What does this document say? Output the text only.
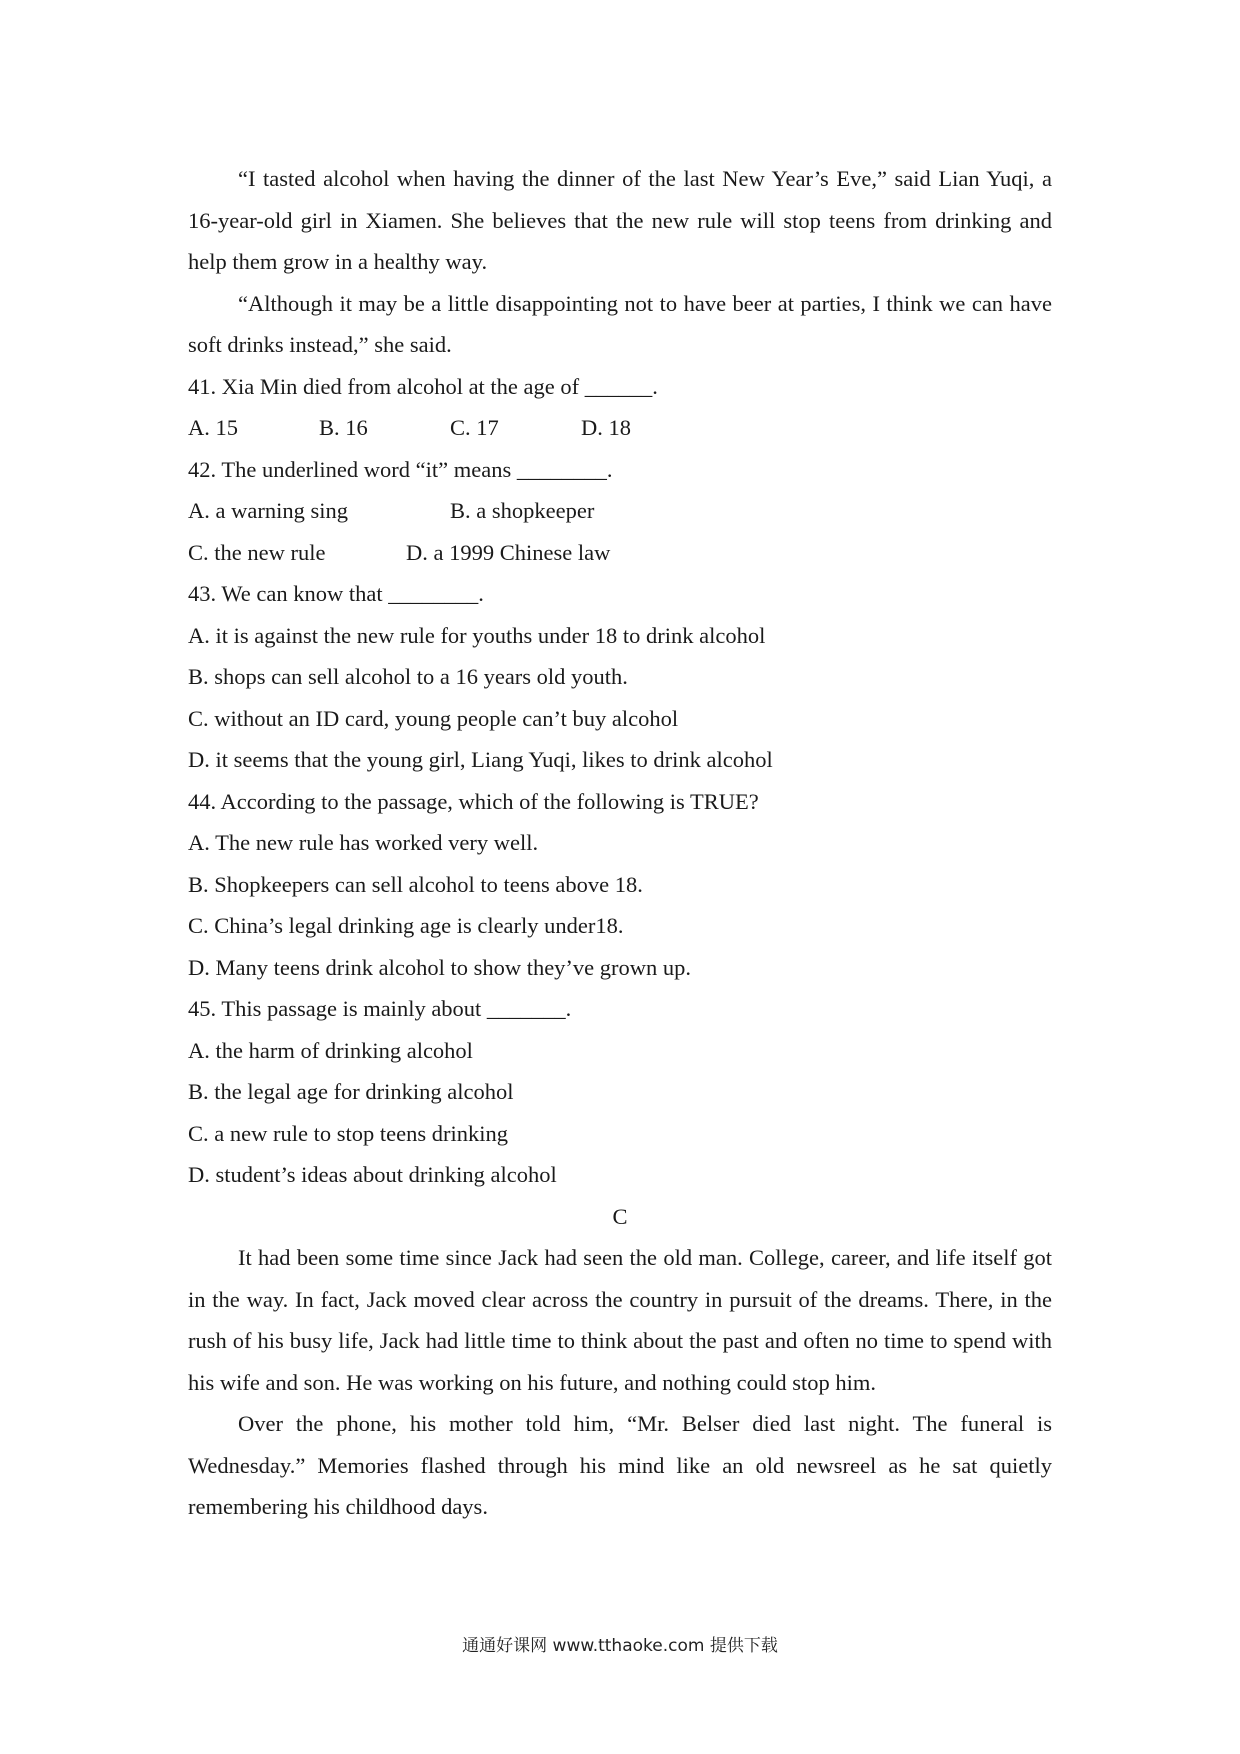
“I tasted alcohol when having the dinner of the last New Year’s Eve,” said Lian Yuqi, a 16-year-old girl in Xiamen. She believes that the new rule will stop teens from drinking and help them grow in a healthy way.

“Although it may be a little disappointing not to have beer at parties, I think we can have soft drinks instead,” she said.

41. Xia Min died from alcohol at the age of ______.

A. 15	B. 16	C. 17	D. 18

42. The underlined word “it” means ________.

A. a warning sing	B. a shopkeeper
C. the new rule	D. a 1999 Chinese law

43. We can know that ________.

A. it is against the new rule for youths under 18 to drink alcohol

B. shops can sell alcohol to a 16 years old youth.

C. without an ID card, young people can’t buy alcohol

D. it seems that the young girl, Liang Yuqi, likes to drink alcohol

44. According to the passage, which of the following is TRUE?

A. The new rule has worked very well.

B. Shopkeepers can sell alcohol to teens above 18.

C. China’s legal drinking age is clearly under18.

D. Many teens drink alcohol to show they’ve grown up.

45. This passage is mainly about _______.

A. the harm of drinking alcohol

B. the legal age for drinking alcohol

C. a new rule to stop teens drinking

D. student’s ideas about drinking alcohol

C

It had been some time since Jack had seen the old man. College, career, and life itself got in the way. In fact, Jack moved clear across the country in pursuit of the dreams. There, in the rush of his busy life, Jack had little time to think about the past and often no time to spend with his wife and son. He was working on his future, and nothing could stop him.

Over the phone, his mother told him, “Mr. Belser died last night. The funeral is Wednesday.” Memories flashed through his mind like an old newsreel as he sat quietly remembering his childhood days.

通通好课网 www.tthaoke.com 提供下载
